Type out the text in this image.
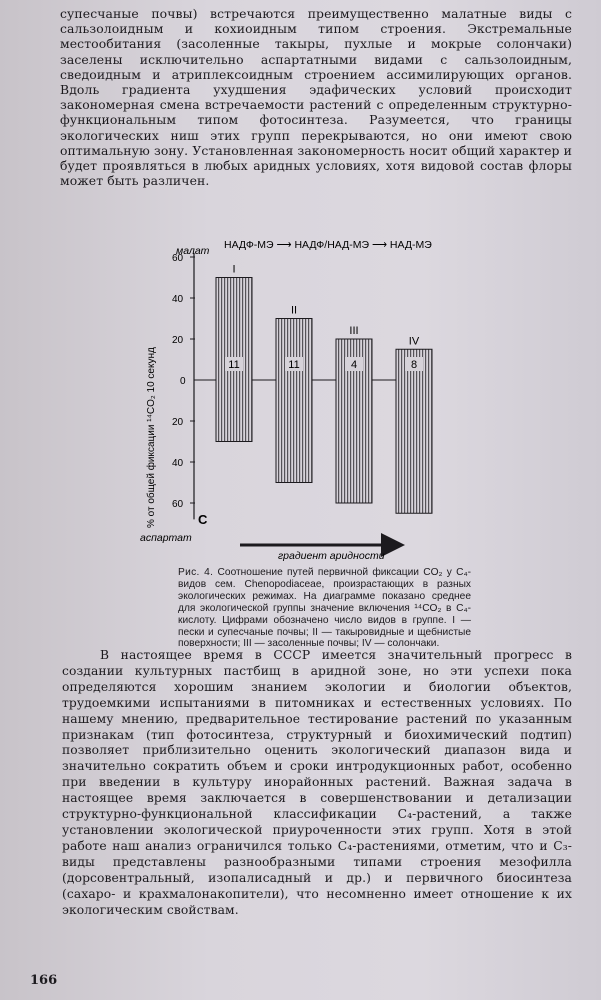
супесчаные почвы) встречаются преимущественно малатные виды с сальзолоидным и кохиоидным типом строения. Экстремальные местообитания (засоленные такыры, пухлые и мокрые солончаки) заселены исключительно аспартатными видами с сальзолоидным, сведоидным и атриплексоидным строением ассимилирующих органов. Вдоль градиента ухудшения эдафических условий происходит закономерная смена встречаемости растений с определенным структурно-функциональным типом фотосинтеза. Разумеется, что границы экологических ниш этих групп перекрываются, но они имеют свою оптимальную зону. Установленная закономерность носит общий характер и будет проявляться в любых аридных условиях, хотя видовой состав флоры может быть различен.

60
40
20
0
20
40
60
I
11
II
11
III
4
IV
8
малат НАДФ-МЭ ⟶ НАДФ/НАД-МЭ ⟶ НАД-МЭ
аспартат
градиент аридности
% от общей фиксации ¹⁴CO₂ 10 секунд	С

Рис. 4. Соотношение путей первичной фиксации CO₂ у C₄-видов сем. Chenopodiaceae, произрастающих в разных экологических режимах. На диаграмме показано среднее для экологической группы значение включения ¹⁴CO₂ в C₄-кислоту. Цифрами обозначено число видов в группе. I — пески и супесчаные почвы; II — такыровидные и щебнистые поверхности; III — засоленные почвы; IV — солончаки.

В настоящее время в СССР имеется значительный прогресс в создании культурных пастбищ в аридной зоне, но эти успехи пока определяются хорошим знанием экологии и биологии объектов, трудоемкими испытаниями в питомниках и естественных условиях. По нашему мнению, предварительное тестирование растений по указанным признакам (тип фотосинтеза, структурный и биохимический подтип) позволяет приблизительно оценить экологический диапазон вида и значительно сократить объем и сроки интродукционных работ, особенно при введении в культуру инорайонных растений. Важная задача в настоящее время заключается в совершенствовании и детализации структурно-функциональной классификации C₄-растений, а также установлении экологической приуроченности этих групп. Хотя в этой работе наш анализ ограничился только C₄-растениями, отметим, что и C₃-виды представлены разнообразными типами строения мезофилла (дорсовентральный, изопалисадный и др.) и первичного биосинтеза (сахаро- и крахмалонакопители), что несомненно имеет отношение к их экологическим свойствам.

166
